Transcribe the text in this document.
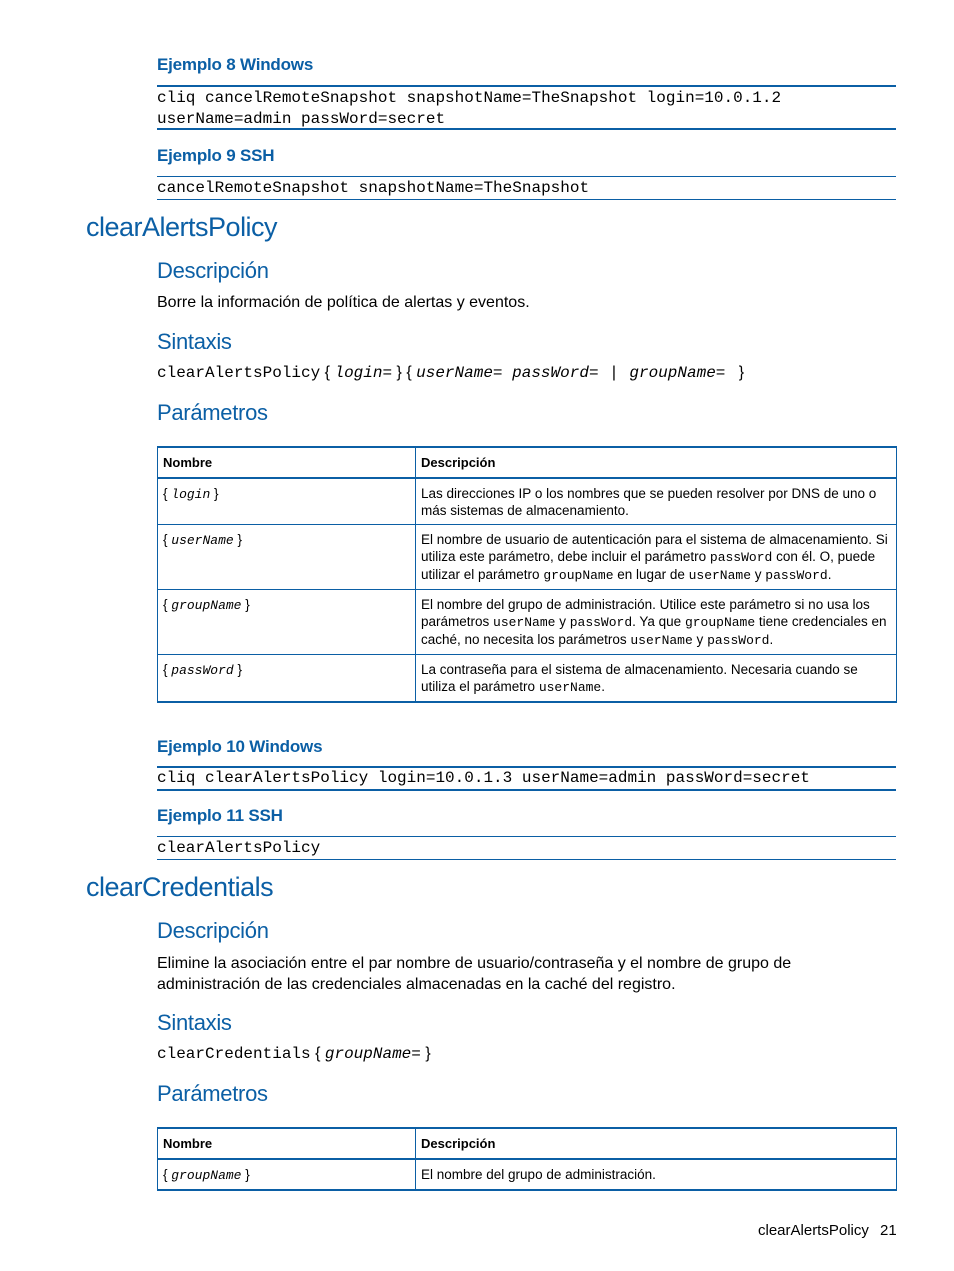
Ejemplo 8 Windows
cliq cancelRemoteSnapshot snapshotName=TheSnapshot login=10.0.1.2
userName=admin passWord=secret
Ejemplo 9 SSH
cancelRemoteSnapshot snapshotName=TheSnapshot
clearAlertsPolicy
Descripción
Borre la información de política de alertas y eventos.
Sintaxis
clearAlertsPolicy { login= } { userName= passWord=   |   groupName=   }
Parámetros
Nombre	Descripción
{ login }	Las direcciones IP o los nombres que se pueden resolver por DNS de uno o más sistemas de almacenamiento.
{ userName }	El nombre de usuario de autenticación para el sistema de almacenamiento. Si utiliza este parámetro, debe incluir el parámetro passWord con él. O, puede utilizar el parámetro groupName en lugar de userName y passWord.
{ groupName }	El nombre del grupo de administración. Utilice este parámetro si no usa los parámetros userName y passWord. Ya que groupName tiene credenciales en caché, no necesita los parámetros userName y passWord.
{ passWord }	La contraseña para el sistema de almacenamiento. Necesaria cuando se utiliza el parámetro userName.
Ejemplo 10 Windows
cliq clearAlertsPolicy login=10.0.1.3 userName=admin passWord=secret
Ejemplo 11 SSH
clearAlertsPolicy
clearCredentials
Descripción
Elimine la asociación entre el par nombre de usuario/contraseña y el nombre de grupo de
administración de las credenciales almacenadas en la caché del registro.
Sintaxis
clearCredentials { groupName= }
Parámetros
Nombre	Descripción
{ groupName }	El nombre del grupo de administración.
clearAlertsPolicy 21
